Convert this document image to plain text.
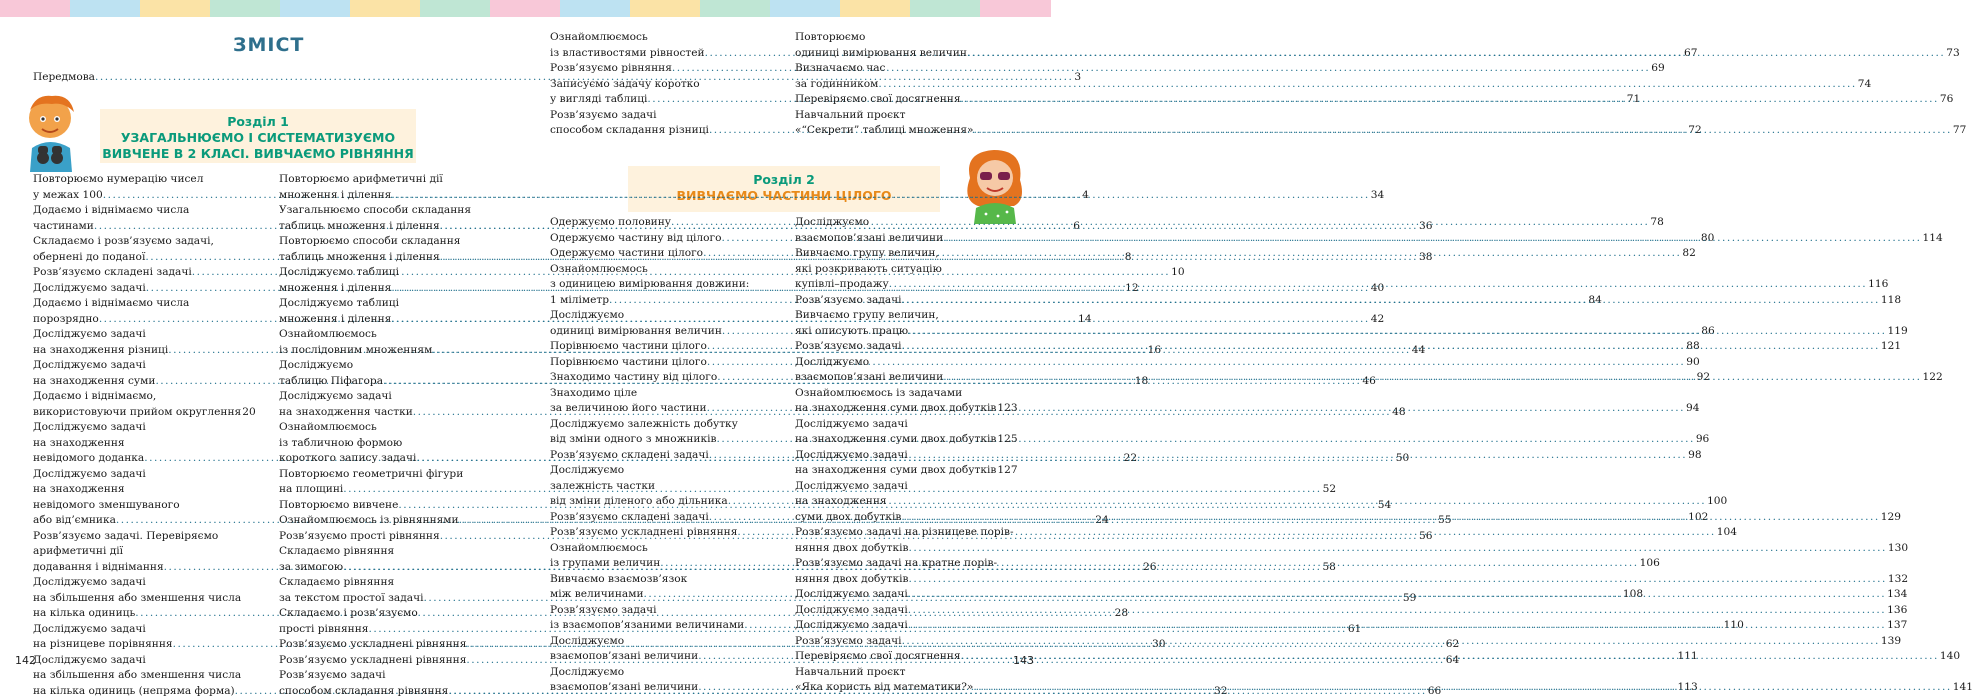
ЗМІСТ
Передмова .....	3
Розділ 1
УЗАГАЛЬНЮЄМО І СИСТЕМАТИЗУЄМО
ВИВЧЕНЕ В 2 КЛАСІ. ВИВЧАЄМО РІВНЯННЯ
Розділ 2
ВИВЧАЄМО ЧАСТИНИ ЦІЛОГО
Повторюємо нумерацію чисел
у межах 100 .....	4
Додаємо і віднімаємо числа
частинами .....	6
Складаємо і розв’язуємо задачі,
обернені до поданої .....	8
Розв’язуємо складені задачі .....	10
Досліджуємо задачі .....	12
Додаємо і віднімаємо числа
порозрядно .....	14
Досліджуємо задачі
на знаходження різниці .....	16
Досліджуємо задачі
на знаходження суми .....	18
Додаємо і віднімаємо,
використовуючи прийом округлення 20
Досліджуємо задачі
на знаходження
невідомого доданка .....	22
Досліджуємо задачі
на знаходження
невідомого зменшуваного
або від’ємника .....	24
Розв’язуємо задачі. Перевіряємо
арифметичні дії
додавання і віднімання .....	26
Досліджуємо задачі
на збільшення або зменшення числа
на кілька одиниць .....	28
Досліджуємо задачі
на різницеве порівняння .....	30
Досліджуємо задачі
на збільшення або зменшення числа
на кілька одиниць (непряма форма) .....	32
Повторюємо арифметичні дії
множення і ділення .....	34
Узагальнюємо способи складання
таблиць множення і ділення .....	36
Повторюємо способи складання
таблиць множення і ділення .....	38
Досліджуємо таблиці
множення і ділення .....	40
Досліджуємо таблиці
множення і ділення .....	42
Ознайомлюємось
із послідовним множенням .....	44
Досліджуємо
таблицю Піфагора .....	46
Досліджуємо задачі
на знаходження частки .....	48
Ознайомлюємось
із табличною формою
короткого запису задачі .....	50
Повторюємо геометричні фігури
на площині .....	52
Повторюємо вивчене .....	54
Ознайомлюємось із рівняннями .....	55
Розв’язуємо прості рівняння .....	56
Складаємо рівняння
за зимогою .....	58
Складаємо рівняння
за текстом простої задачі .....	59
Складаємо і розв’язуємо
прості рівняння .....	61
Розв’язуємо ускладнені рівняння .....	62
Розв’язуємо ускладнені рівняння .....	64
Розв’язуємо задачі
способом складання рівняння .....	66
Ознайомлюємось
із властивостями рівностей .....	67
Розв’язуємо рівняння .....	69
Записуємо задачу коротко
у вигляді таблиці .....	71
Розв’язуємо задачі
способом складання різниці .....	72
Повторюємо
одиниці вимірювання величин .....	73
Визначаємо час
за годинником .....	74
Перевіряємо свої досягнення .....	76
Навчальний проєкт
«“Секрети” таблиці множення» .....	77
Одержуємо половину .....	78
Одержуємо частину від цілого .....	80
Одержуємо частини цілого .....	82
Ознайомлюємось
з одиницею вимірювання довжини:
1 міліметр .....	84
Досліджуємо
одиниці вимірювання величин .....	86
Порівнюємо частини цілого .....	88
Порівнюємо частини цілого .....	90
Знаходимо частину від цілого .....	92
Знаходимо ціле
за величиною його частини .....	94
Досліджуємо залежність добутку
від зміни одного з множників .....	96
Розв’язуємо складені задачі .....	98
Досліджуємо
залежність частки
від зміни діленого або дільника .....	100
Розв’язуємо складені задачі .....	102
Розв’язуємо ускладнені рівняння .....	104
Ознайомлюємось
із групами величин .....	106
Вивчаємо взаємозв’язок
між величинами .....	108
Розв’язуємо задачі
із взаємопов’язаними величинами .....	110
Досліджуємо
взаємопов’язані величини .....	111
Досліджуємо
взаємопов’язані величини .....	113
Досліджуємо
взаємопов’язані величини .....	114
Вивчаємо групу величин,
які розкривають ситуацію
купівлі–продажу .....	116
Розв’язуємо задачі .....	118
Вивчаємо групу величин,
які описують працю .....	119
Розв’язуємо задачі .....	121
Досліджуємо
взаємопов’язані величини .....	122
Ознайомлюємось із задачами
на знаходження суми двох добутків 123
Досліджуємо задачі
на знаходження суми двох добутків 125
Досліджуємо задачі
на знаходження суми двох добутків 127
Досліджуємо задачі
на знаходження
суми двох добутків .....	129
Розв’язуємо задачі на різницеве порів-
няння двох добутків .....	130
Розв’язуємо задачі на кратне порів-
няння двох добутків .....	132
Досліджуємо задачі .....	134
Досліджуємо задачі .....	136
Досліджуємо задачі .....	137
Розв’язуємо задачі .....	139
Перевіряємо свої досягнення .....	140
Навчальний проєкт
«Яка користь від математики?» .....	141
142	143
